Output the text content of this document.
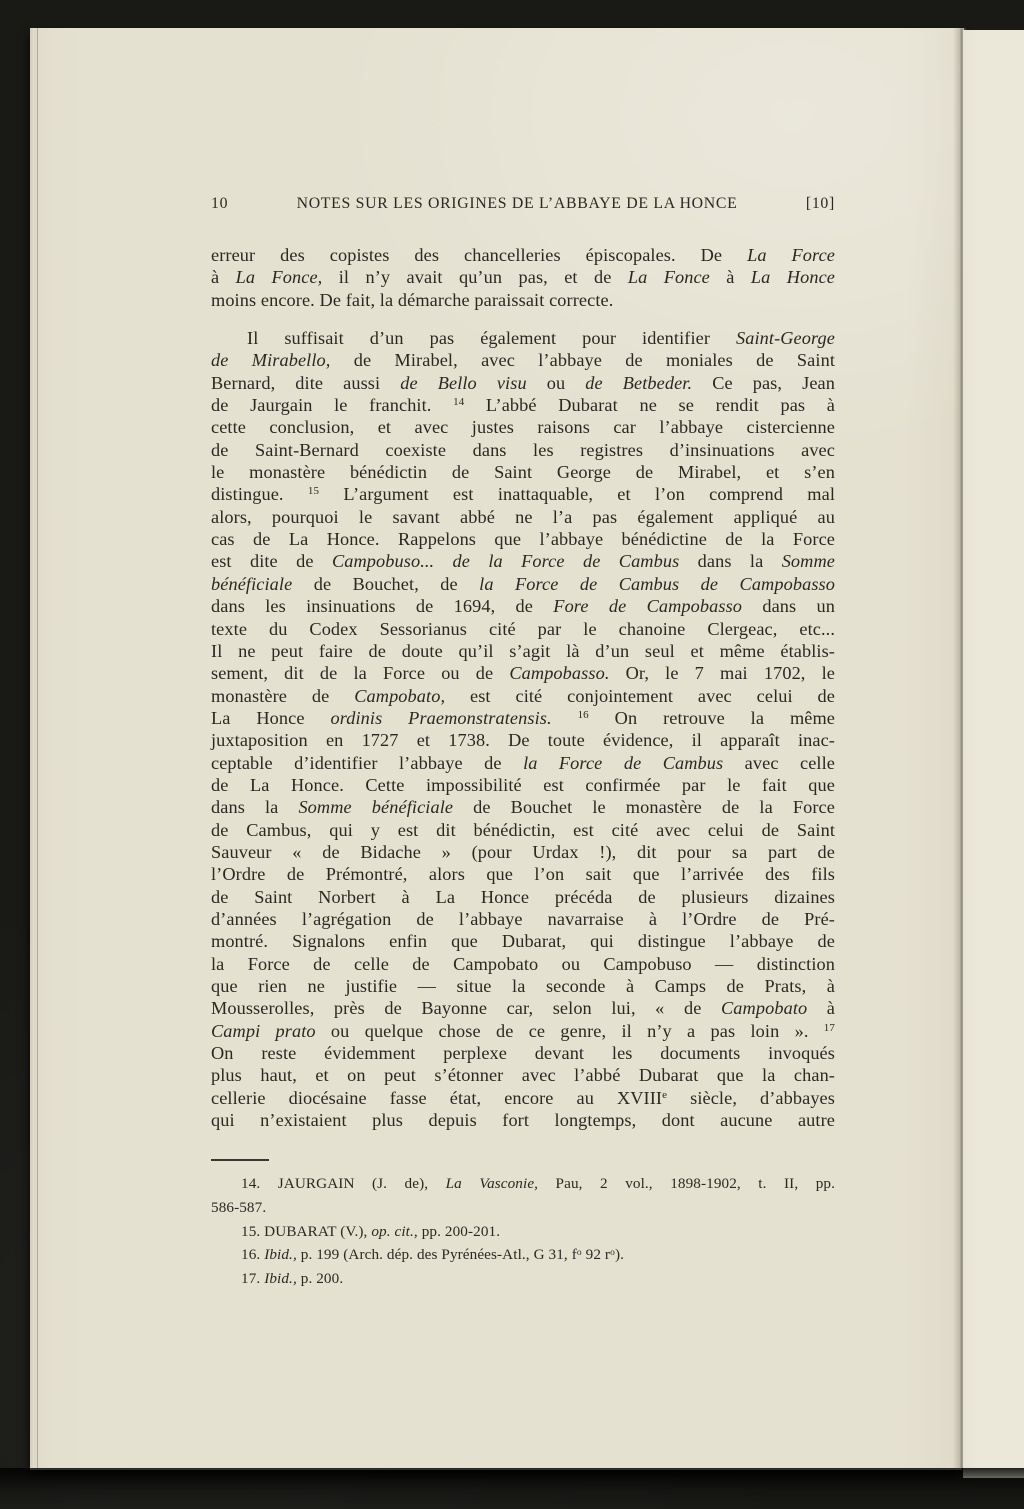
10	NOTES SUR LES ORIGINES DE L’ABBAYE DE LA HONCE	[10]
erreur des copistes des chancelleries épiscopales. De La Force
à La Fonce, il n’y avait qu’un pas, et de La Fonce à La Honce
moins encore. De fait, la démarche paraissait correcte.
Il suffisait d’un pas également pour identifier Saint-George
de Mirabello, de Mirabel, avec l’abbaye de moniales de Saint
Bernard, dite aussi de Bello visu ou de Betbeder. Ce pas, Jean
de Jaurgain le franchit. $^{14}$ L’abbé Dubarat ne se rendit pas à
cette conclusion, et avec justes raisons car l’abbaye cistercienne
de Saint-Bernard coexiste dans les registres d’insinuations avec
le monastère bénédictin de Saint George de Mirabel, et s’en
distingue. $^{15}$ L’argument est inattaquable, et l’on comprend mal
alors, pourquoi le savant abbé ne l’a pas également appliqué au
cas de La Honce. Rappelons que l’abbaye bénédictine de la Force
est dite de Campobuso... de la Force de Cambus dans la Somme
bénéficiale de Bouchet, de la Force de Cambus de Campobasso
dans les insinuations de 1694, de Fore de Campobasso dans un
texte du Codex Sessorianus cité par le chanoine Clergeac, etc...
Il ne peut faire de doute qu’il s’agit là d’un seul et même établis-
sement, dit de la Force ou de Campobasso. Or, le 7 mai 1702, le
monastère de Campobato, est cité conjointement avec celui de
La Honce ordinis Praemonstratensis. $^{16}$ On retrouve la même
juxtaposition en 1727 et 1738. De toute évidence, il apparaît inac-
ceptable d’identifier l’abbaye de la Force de Cambus avec celle
de La Honce. Cette impossibilité est confirmée par le fait que
dans la Somme bénéficiale de Bouchet le monastère de la Force
de Cambus, qui y est dit bénédictin, est cité avec celui de Saint
Sauveur « de Bidache » (pour Urdax !), dit pour sa part de
l’Ordre de Prémontré, alors que l’on sait que l’arrivée des fils
de Saint Norbert à La Honce précéda de plusieurs dizaines
d’années l’agrégation de l’abbaye navarraise à l’Ordre de Pré-
montré. Signalons enfin que Dubarat, qui distingue l’abbaye de
la Force de celle de Campobato ou Campobuso — distinction
que rien ne justifie — situe la seconde à Camps de Prats, à
Mousserolles, près de Bayonne car, selon lui, « de Campobato à
Campi prato ou quelque chose de ce genre, il n’y a pas loin ». $^{17}$
On reste évidemment perplexe devant les documents invoqués
plus haut, et on peut s’étonner avec l’abbé Dubarat que la chan-
cellerie diocésaine fasse état, encore au XVIIIe siècle, d’abbayes
qui n’existaient plus depuis fort longtemps, dont aucune autre
14. JAURGAIN (J. de), La Vasconie, Pau, 2 vol., 1898-1902, t. II, pp.
586-587.
15. DUBARAT (V.), op. cit., pp. 200-201.
16. Ibid., p. 199 (Arch. dép. des Pyrénées-Atl., G 31, $f^o$ 92 $r^o$).
17. Ibid., p. 200.
